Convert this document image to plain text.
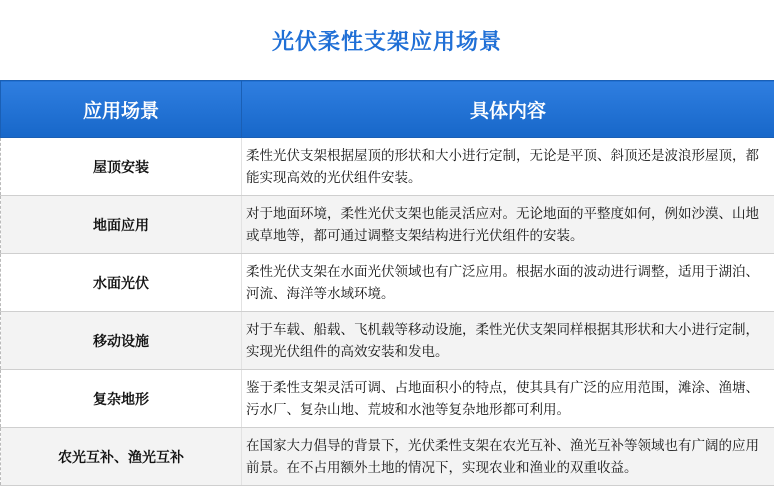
光伏柔性支架应用场景
应用场景	具体内容
屋顶安装	柔性光伏支架根据屋顶的形状和大小进行定制，无论是平顶、斜顶还是波浪形屋顶，都能实现高效的光伏组件安装。
地面应用	对于地面环境，柔性光伏支架也能灵活应对。无论地面的平整度如何，例如沙漠、山地或草地等，都可通过调整支架结构进行光伏组件的安装。
水面光伏	柔性光伏支架在水面光伏领域也有广泛应用。根据水面的波动进行调整，适用于湖泊、河流、海洋等水域环境。
移动设施	对于车载、船载、飞机载等移动设施，柔性光伏支架同样根据其形状和大小进行定制，实现光伏组件的高效安装和发电。
复杂地形	鉴于柔性支架灵活可调、占地面积小的特点，使其具有广泛的应用范围，滩涂、渔塘、污水厂、复杂山地、荒坡和水池等复杂地形都可利用。
农光互补、渔光互补	在国家大力倡导的背景下，光伏柔性支架在农光互补、渔光互补等领域也有广阔的应用前景。在不占用额外土地的情况下，实现农业和渔业的双重收益。
